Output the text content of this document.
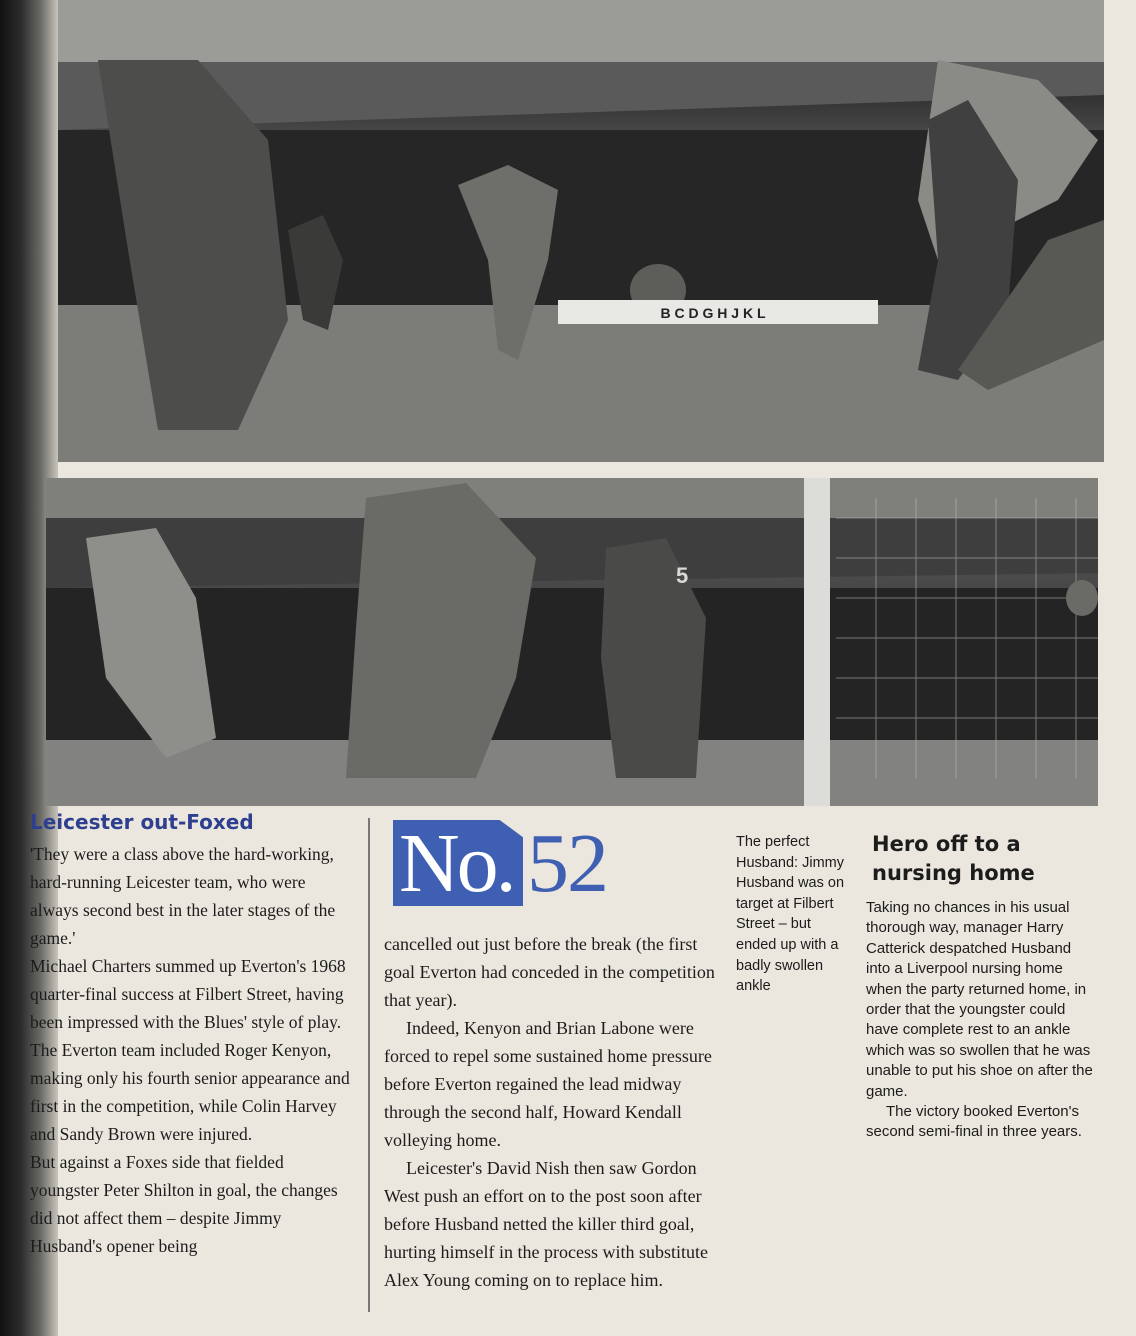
B C D G H J K L
5
Leicester out-Foxed

'They were a class above the hard-working, hard-running Leicester team, who were always second best in the later stages of the game.'

Michael Charters summed up Everton's 1968 quarter-final success at Filbert Street, having been impressed with the Blues' style of play.

The Everton team included Roger Kenyon, making only his fourth senior appearance and first in the competition, while Colin Harvey and Sandy Brown were injured.

But against a Foxes side that fielded youngster Peter Shilton in goal, the changes did not affect them – despite Jimmy Husband's opener being

No. 52

cancelled out just before the break (the first goal Everton had conceded in the competition that year).

Indeed, Kenyon and Brian Labone were forced to repel some sustained home pressure before Everton regained the lead midway through the second half, Howard Kendall volleying home.

Leicester's David Nish then saw Gordon West push an effort on to the post soon after before Husband netted the killer third goal, hurting himself in the process with substitute Alex Young coming on to replace him.

The perfect Husband: Jimmy Husband was on target at Filbert Street – but ended up with a badly swollen ankle

Hero off to a nursing home

Taking no chances in his usual thorough way, manager Harry Catterick despatched Husband into a Liverpool nursing home when the party returned home, in order that the youngster could have complete rest to an ankle which was so swollen that he was unable to put his shoe on after the game.
The victory booked Everton's second semi-final in three years.
